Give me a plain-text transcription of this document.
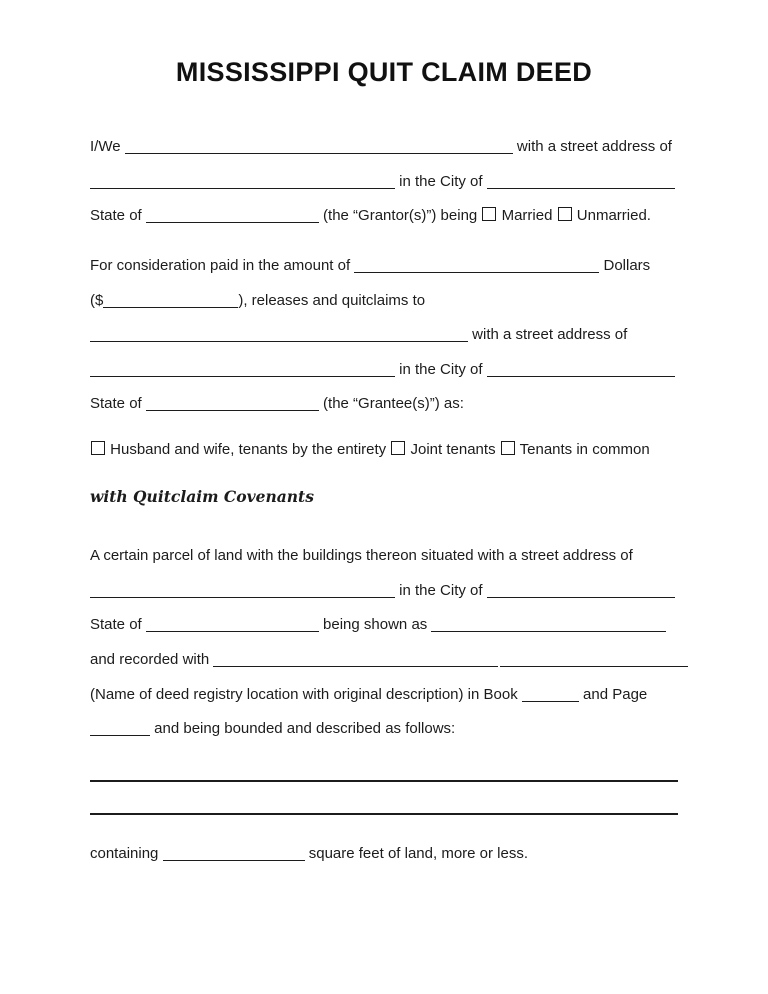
MISSISSIPPI QUIT CLAIM DEED
I/We	with a street address of
in the City of
State of	(the “Grantor(s)”) being  Married  Unmarried.
For consideration paid in the amount of	Dollars
($	), releases and quitclaims to
with a street address of
in the City of
State of	(the “Grantee(s)”) as:
Husband and wife, tenants by the entirety  Joint tenants  Tenants in common
with Quitclaim Covenants
A certain parcel of land with the buildings thereon situated with a street address of
in the City of
State of	being shown as
and recorded with
(Name of deed registry location with original description) in Book	and Page
and being bounded and described as follows:
containing	square feet of land, more or less.
